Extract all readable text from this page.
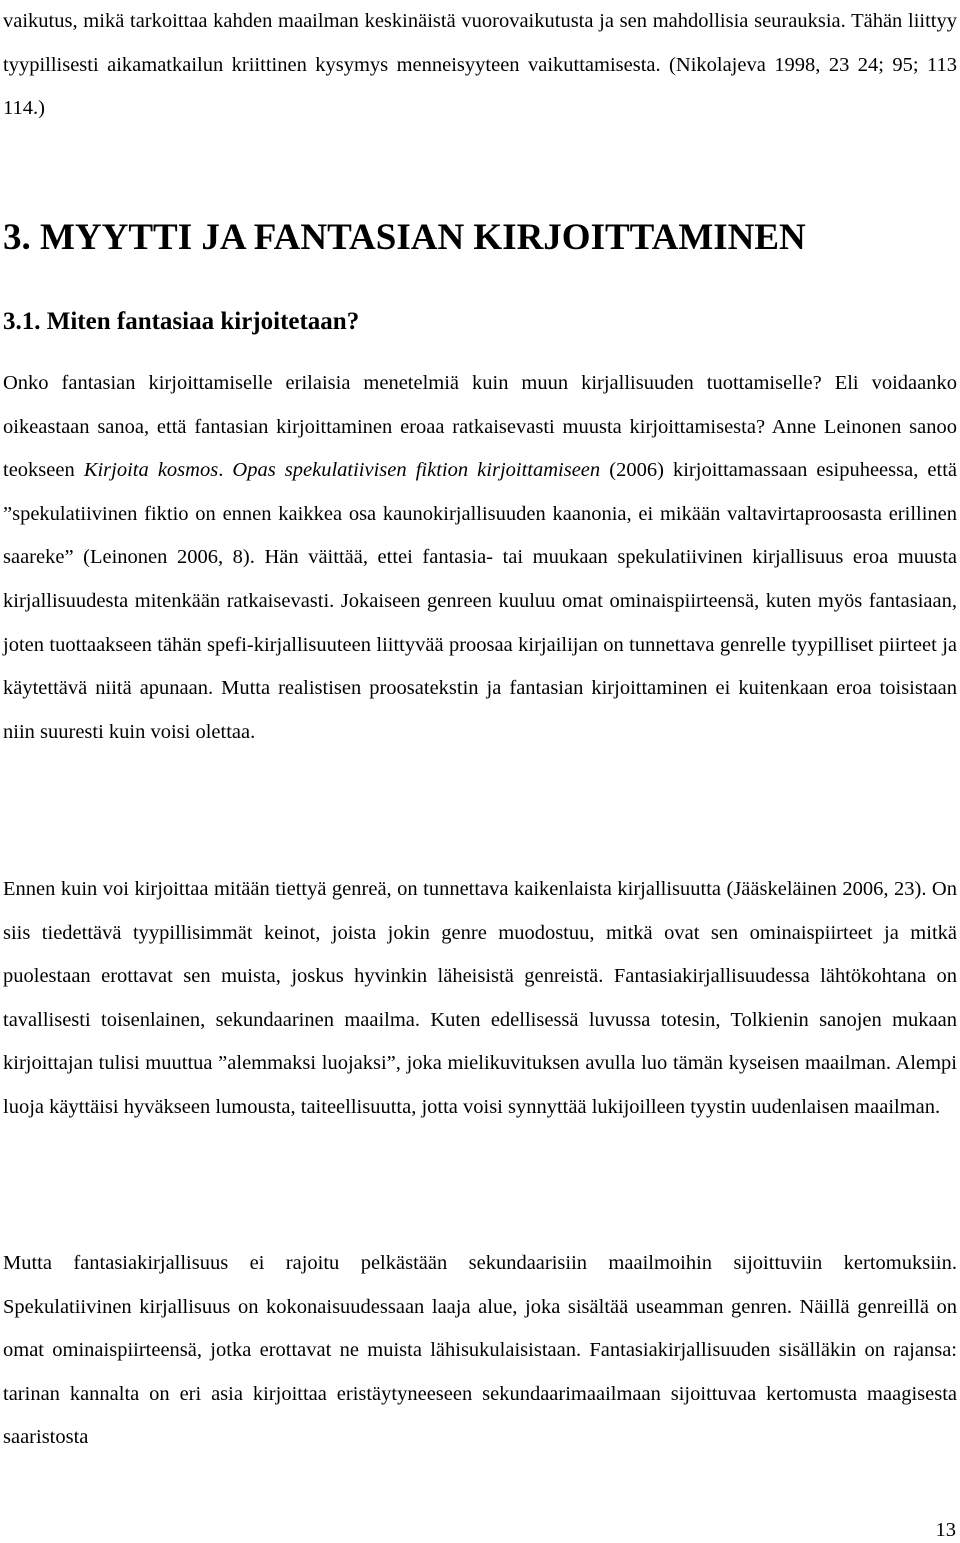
vaikutus, mikä tarkoittaa kahden maailman keskinäistä vuorovaikutusta ja sen mahdollisia seurauksia. Tähän liittyy tyypillisesti aikamatkailun kriittinen kysymys menneisyyteen vaikuttamisesta. (Nikolajeva 1998, 23 24; 95; 113 114.)
3. MYYTTI JA FANTASIAN KIRJOITTAMINEN
3.1. Miten fantasiaa kirjoitetaan?
Onko fantasian kirjoittamiselle erilaisia menetelmiä kuin muun kirjallisuuden tuottamiselle? Eli voidaanko oikeastaan sanoa, että fantasian kirjoittaminen eroaa ratkaisevasti muusta kirjoittamisesta? Anne Leinonen sanoo teokseen Kirjoita kosmos. Opas spekulatiivisen fiktion kirjoittamiseen (2006) kirjoittamassaan esipuheessa, että ”spekulatiivinen fiktio on ennen kaikkea osa kaunokirjallisuuden kaanonia, ei mikään valtavirtaproosasta erillinen saareke” (Leinonen 2006, 8). Hän väittää, ettei fantasia- tai muukaan spekulatiivinen kirjallisuus eroa muusta kirjallisuudesta mitenkään ratkaisevasti. Jokaiseen genreen kuuluu omat ominaispiirteensä, kuten myös fantasiaan, joten tuottaakseen tähän spefi-kirjallisuuteen liittyvää proosaa kirjailijan on tunnettava genrelle tyypilliset piirteet ja käytettävä niitä apunaan. Mutta realistisen proosatekstin ja fantasian kirjoittaminen ei kuitenkaan eroa toisistaan niin suuresti kuin voisi olettaa.
Ennen kuin voi kirjoittaa mitään tiettyä genreä, on tunnettava kaikenlaista kirjallisuutta (Jääskeläinen 2006, 23). On siis tiedettävä tyypillisimmät keinot, joista jokin genre muodostuu, mitkä ovat sen ominaispiirteet ja mitkä puolestaan erottavat sen muista, joskus hyvinkin läheisistä genreistä. Fantasiakirjallisuudessa lähtökohtana on tavallisesti toisenlainen, sekundaarinen maailma. Kuten edellisessä luvussa totesin, Tolkienin sanojen mukaan kirjoittajan tulisi muuttua ”alemmaksi luojaksi”, joka mielikuvituksen avulla luo tämän kyseisen maailman. Alempi luoja käyttäisi hyväkseen lumousta, taiteellisuutta, jotta voisi synnyttää lukijoilleen tyystin uudenlaisen maailman.
Mutta fantasiakirjallisuus ei rajoitu pelkästään sekundaarisiin maailmoihin sijoittuviin kertomuksiin. Spekulatiivinen kirjallisuus on kokonaisuudessaan laaja alue, joka sisältää useamman genren. Näillä genreillä on omat ominaispiirteensä, jotka erottavat ne muista lähisukulaisistaan. Fantasiakirjallisuuden sisälläkin on rajansa: tarinan kannalta on eri asia kirjoittaa eristäytyneeseen sekundaarimaailmaan sijoittuvaa kertomusta maagisesta saaristosta
13
